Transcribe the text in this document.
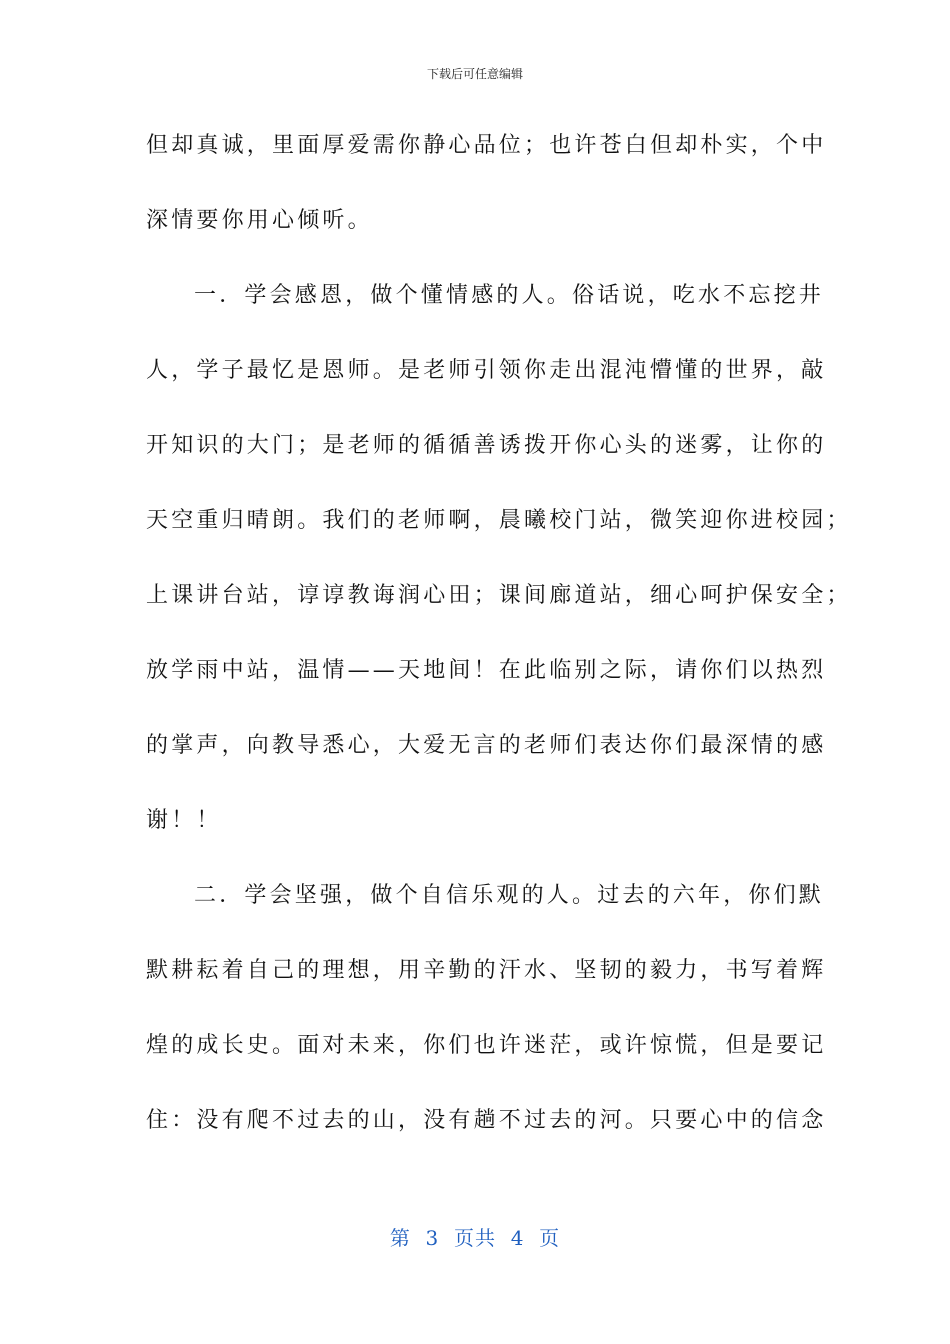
下载后可任意编辑
但却真诚，里面厚爱需你静心品位；也许苍白但却朴实，个中
深情要你用心倾听。
一．学会感恩，做个懂情感的人。俗话说，吃水不忘挖井
人，学子最忆是恩师。是老师引领你走出混沌懵懂的世界，敲
开知识的大门；是老师的循循善诱拨开你心头的迷雾，让你的
天空重归晴朗。我们的老师啊，晨曦校门站，微笑迎你进校园；
上课讲台站，谆谆教诲润心田；课间廊道站，细心呵护保安全；
放学雨中站，温情——天地间！在此临别之际，请你们以热烈
的掌声，向教导悉心，大爱无言的老师们表达你们最深情的感
谢！！
二．学会坚强，做个自信乐观的人。过去的六年，你们默
默耕耘着自己的理想，用辛勤的汗水、坚韧的毅力，书写着辉
煌的成长史。面对未来，你们也许迷茫，或许惊慌，但是要记
住：没有爬不过去的山，没有趟不过去的河。只要心中的信念
第  3  页共  4  页
